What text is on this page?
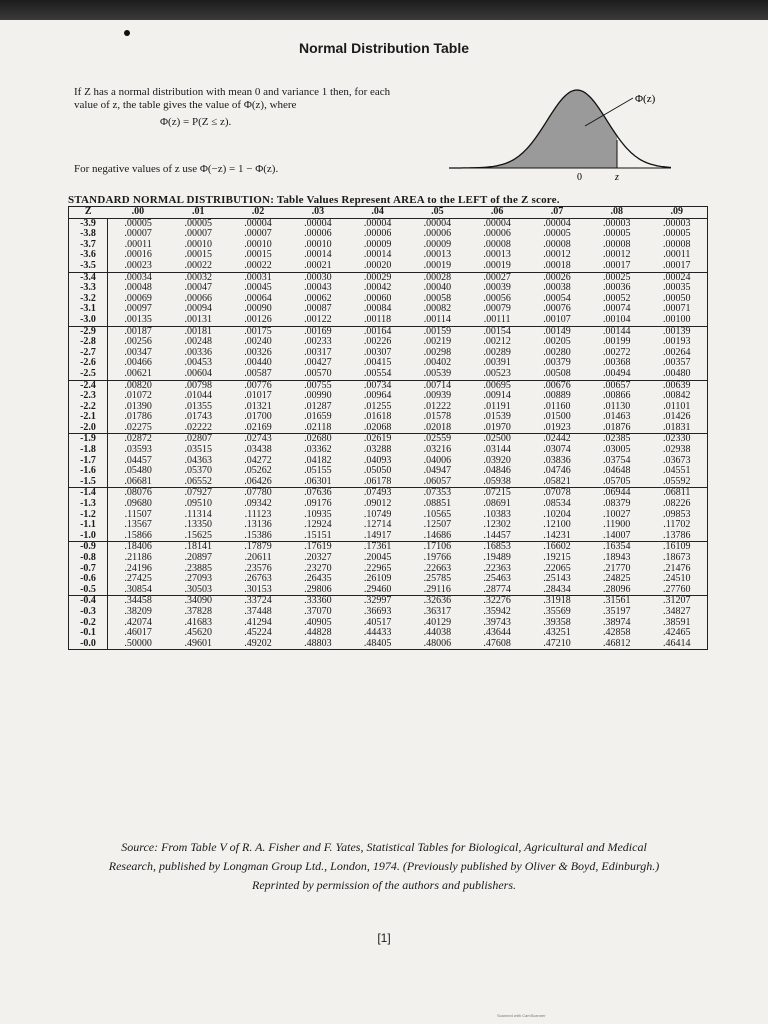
Normal Distribution Table
If Z has a normal distribution with mean 0 and variance 1 then, for each value of z, the table gives the value of Φ(z), where
Φ(z) = P(Z ≤ z).
For negative values of z use Φ(−z) = 1 − Φ(z).
Φ(z)
0	z
STANDARD NORMAL DISTRIBUTION: Table Values Represent AREA to the LEFT of the Z score.
Z	.00	.01	.02	.03	.04	.05	.06	.07	.08	.09
-3.9	.00005	.00005	.00004	.00004	.00004	.00004	.00004	.00004	.00003	.00003
-3.8	.00007	.00007	.00007	.00006	.00006	.00006	.00006	.00005	.00005	.00005
-3.7	.00011	.00010	.00010	.00010	.00009	.00009	.00008	.00008	.00008	.00008
-3.6	.00016	.00015	.00015	.00014	.00014	.00013	.00013	.00012	.00012	.00011
-3.5	.00023	.00022	.00022	.00021	.00020	.00019	.00019	.00018	.00017	.00017
-3.4	.00034	.00032	.00031	.00030	.00029	.00028	.00027	.00026	.00025	.00024
-3.3	.00048	.00047	.00045	.00043	.00042	.00040	.00039	.00038	.00036	.00035
-3.2	.00069	.00066	.00064	.00062	.00060	.00058	.00056	.00054	.00052	.00050
-3.1	.00097	.00094	.00090	.00087	.00084	.00082	.00079	.00076	.00074	.00071
-3.0	.00135	.00131	.00126	.00122	.00118	.00114	.00111	.00107	.00104	.00100
-2.9	.00187	.00181	.00175	.00169	.00164	.00159	.00154	.00149	.00144	.00139
-2.8	.00256	.00248	.00240	.00233	.00226	.00219	.00212	.00205	.00199	.00193
-2.7	.00347	.00336	.00326	.00317	.00307	.00298	.00289	.00280	.00272	.00264
-2.6	.00466	.00453	.00440	.00427	.00415	.00402	.00391	.00379	.00368	.00357
-2.5	.00621	.00604	.00587	.00570	.00554	.00539	.00523	.00508	.00494	.00480
-2.4	.00820	.00798	.00776	.00755	.00734	.00714	.00695	.00676	.00657	.00639
-2.3	.01072	.01044	.01017	.00990	.00964	.00939	.00914	.00889	.00866	.00842
-2.2	.01390	.01355	.01321	.01287	.01255	.01222	.01191	.01160	.01130	.01101
-2.1	.01786	.01743	.01700	.01659	.01618	.01578	.01539	.01500	.01463	.01426
-2.0	.02275	.02222	.02169	.02118	.02068	.02018	.01970	.01923	.01876	.01831
-1.9	.02872	.02807	.02743	.02680	.02619	.02559	.02500	.02442	.02385	.02330
-1.8	.03593	.03515	.03438	.03362	.03288	.03216	.03144	.03074	.03005	.02938
-1.7	.04457	.04363	.04272	.04182	.04093	.04006	.03920	.03836	.03754	.03673
-1.6	.05480	.05370	.05262	.05155	.05050	.04947	.04846	.04746	.04648	.04551
-1.5	.06681	.06552	.06426	.06301	.06178	.06057	.05938	.05821	.05705	.05592
-1.4	.08076	.07927	.07780	.07636	.07493	.07353	.07215	.07078	.06944	.06811
-1.3	.09680	.09510	.09342	.09176	.09012	.08851	.08691	.08534	.08379	.08226
-1.2	.11507	.11314	.11123	.10935	.10749	.10565	.10383	.10204	.10027	.09853
-1.1	.13567	.13350	.13136	.12924	.12714	.12507	.12302	.12100	.11900	.11702
-1.0	.15866	.15625	.15386	.15151	.14917	.14686	.14457	.14231	.14007	.13786
-0.9	.18406	.18141	.17879	.17619	.17361	.17106	.16853	.16602	.16354	.16109
-0.8	.21186	.20897	.20611	.20327	.20045	.19766	.19489	.19215	.18943	.18673
-0.7	.24196	.23885	.23576	.23270	.22965	.22663	.22363	.22065	.21770	.21476
-0.6	.27425	.27093	.26763	.26435	.26109	.25785	.25463	.25143	.24825	.24510
-0.5	.30854	.30503	.30153	.29806	.29460	.29116	.28774	.28434	.28096	.27760
-0.4	.34458	.34090	.33724	.33360	.32997	.32636	.32276	.31918	.31561	.31207
-0.3	.38209	.37828	.37448	.37070	.36693	.36317	.35942	.35569	.35197	.34827
-0.2	.42074	.41683	.41294	.40905	.40517	.40129	.39743	.39358	.38974	.38591
-0.1	.46017	.45620	.45224	.44828	.44433	.44038	.43644	.43251	.42858	.42465
-0.0	.50000	.49601	.49202	.48803	.48405	.48006	.47608	.47210	.46812	.46414
Source: From Table V of R. A. Fisher and F. Yates, Statistical Tables for Biological, Agricultural and Medical
Research, published by Longman Group Ltd., London, 1974. (Previously published by Oliver & Boyd, Edinburgh.)
Reprinted by permission of the authors and publishers.
[1]
Scanned with CamScanner
